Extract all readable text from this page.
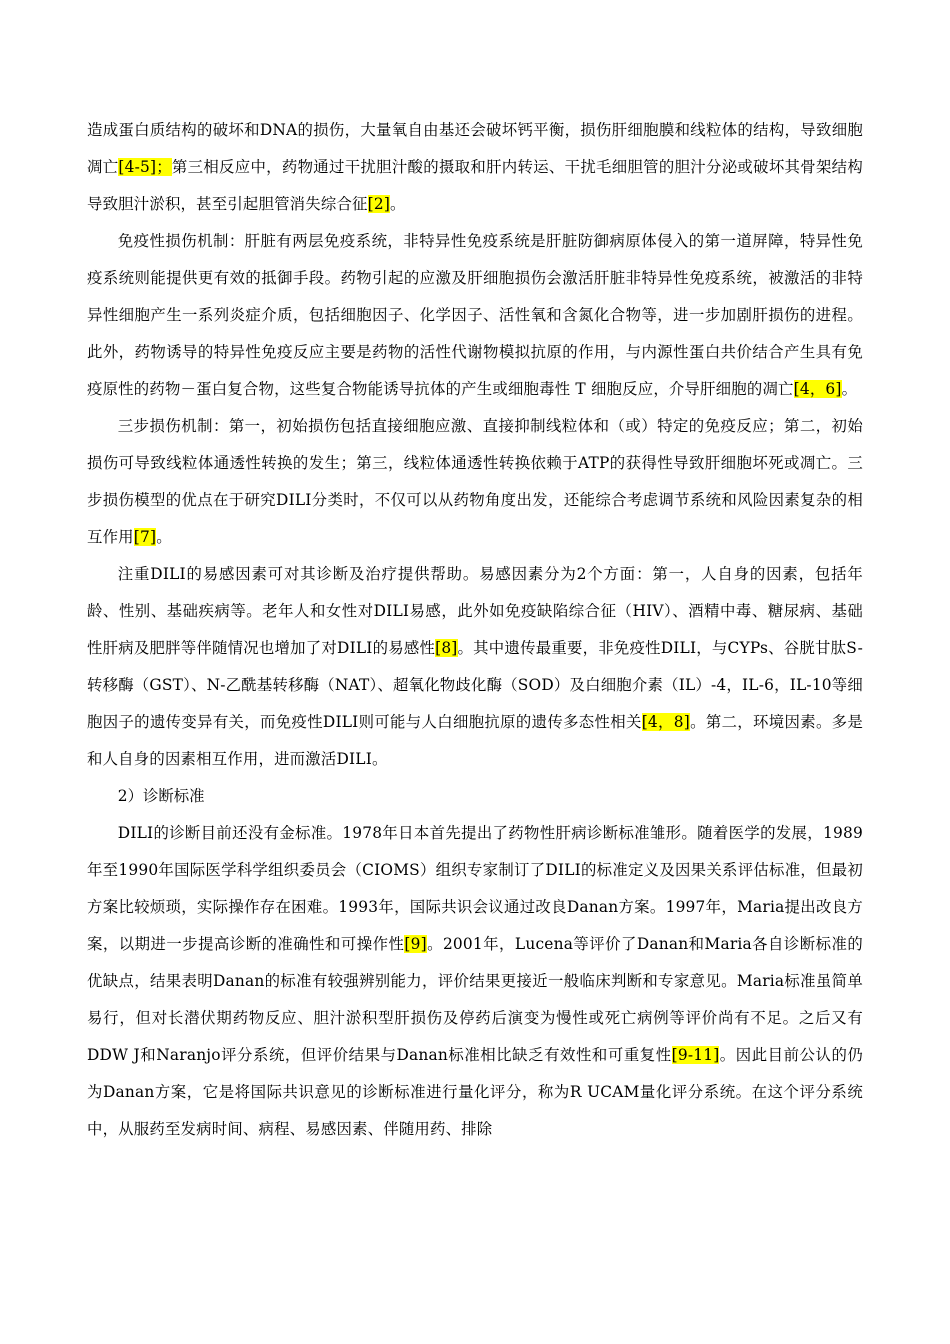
造成蛋白质结构的破坏和DNA的损伤，大量氧自由基还会破坏钙平衡，损伤肝细胞膜和线粒体的结构，导致细胞凋亡[4-5]；第三相反应中，药物通过干扰胆汁酸的摄取和肝内转运、干扰毛细胆管的胆汁分泌或破坏其骨架结构导致胆汁淤积，甚至引起胆管消失综合征[2]。

免疫性损伤机制：肝脏有两层免疫系统，非特异性免疫系统是肝脏防御病原体侵入的第一道屏障，特异性免疫系统则能提供更有效的抵御手段。药物引起的应激及肝细胞损伤会激活肝脏非特异性免疫系统，被激活的非特异性细胞产生一系列炎症介质，包括细胞因子、化学因子、活性氧和含氮化合物等，进一步加剧肝损伤的进程。此外，药物诱导的特异性免疫反应主要是药物的活性代谢物模拟抗原的作用，与内源性蛋白共价结合产生具有免疫原性的药物－蛋白复合物，这些复合物能诱导抗体的产生或细胞毒性 T 细胞反应，介导肝细胞的凋亡[4，6]。

三步损伤机制：第一，初始损伤包括直接细胞应激、直接抑制线粒体和（或）特定的免疫反应；第二，初始损伤可导致线粒体通透性转换的发生；第三，线粒体通透性转换依赖于ATP的获得性导致肝细胞坏死或凋亡。三步损伤模型的优点在于研究DILI分类时，不仅可以从药物角度出发，还能综合考虑调节系统和风险因素复杂的相互作用[7]。

注重DILI的易感因素可对其诊断及治疗提供帮助。易感因素分为2个方面：第一，人自身的因素，包括年龄、性别、基础疾病等。老年人和女性对DILI易感，此外如免疫缺陷综合征（HIV）、酒精中毒、糖尿病、基础性肝病及肥胖等伴随情况也增加了对DILI的易感性[8]。其中遗传最重要，非免疫性DILI，与CYPs、谷胱甘肽S-转移酶（GST）、N-乙酰基转移酶（NAT）、超氧化物歧化酶（SOD）及白细胞介素（IL）-4，IL-6，IL-10等细胞因子的遗传变异有关，而免疫性DILI则可能与人白细胞抗原的遗传多态性相关[4，8]。第二，环境因素。多是和人自身的因素相互作用，进而激活DILI。

2）诊断标准

DILI的诊断目前还没有金标准。1978年日本首先提出了药物性肝病诊断标准雏形。随着医学的发展，1989年至1990年国际医学科学组织委员会（CIOMS）组织专家制订了DILI的标准定义及因果关系评估标准，但最初方案比较烦琐，实际操作存在困难。1993年，国际共识会议通过改良Danan方案。1997年，Maria提出改良方案，以期进一步提高诊断的准确性和可操作性[9]。2001年，Lucena等评价了Danan和Maria各自诊断标准的优缺点，结果表明Danan的标准有较强辨别能力，评价结果更接近一般临床判断和专家意见。Maria标准虽简单易行，但对长潜伏期药物反应、胆汁淤积型肝损伤及停药后演变为慢性或死亡病例等评价尚有不足。之后又有DDW J和Naranjo评分系统，但评价结果与Danan标准相比缺乏有效性和可重复性[9-11]。因此目前公认的仍为Danan方案，它是将国际共识意见的诊断标准进行量化评分，称为R UCAM量化评分系统。在这个评分系统中，从服药至发病时间、病程、易感因素、伴随用药、排除
